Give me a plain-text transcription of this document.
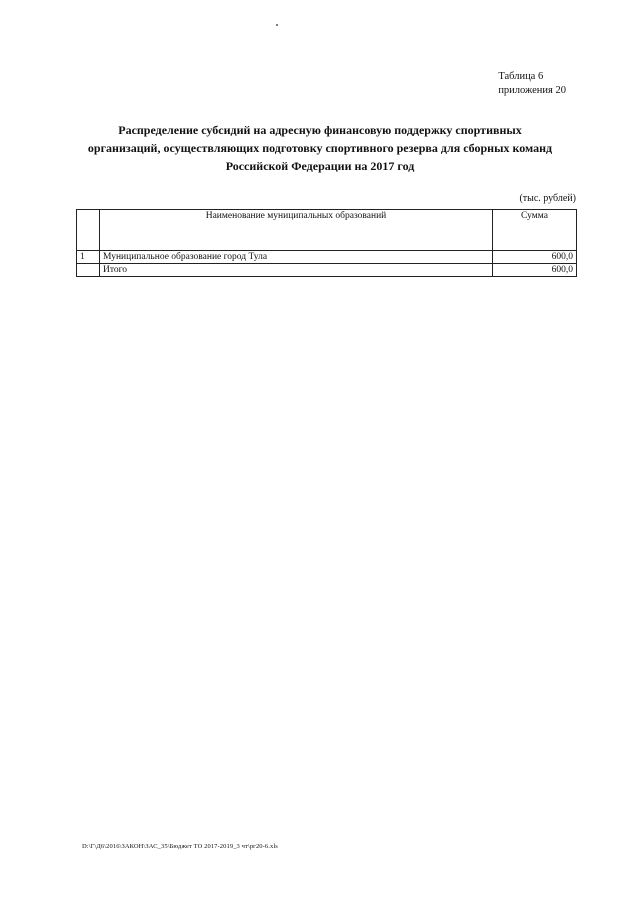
Таблица 6
приложения 20
Распределение субсидий на адресную финансовую поддержку спортивных
организаций, осуществляющих подготовку спортивного резерва для сборных команд
Российской Федерации на 2017 год
(тыс. рублей)
	Наименование муниципальных образований	Сумма
1	Муниципальное образование город Тула	600,0
	Итого	600,0
D:\Г\Д6\2016\ЗАКОН\ЗАС_35\Бюджет ТО 2017-2019_3 чт\рг20-6.xls
